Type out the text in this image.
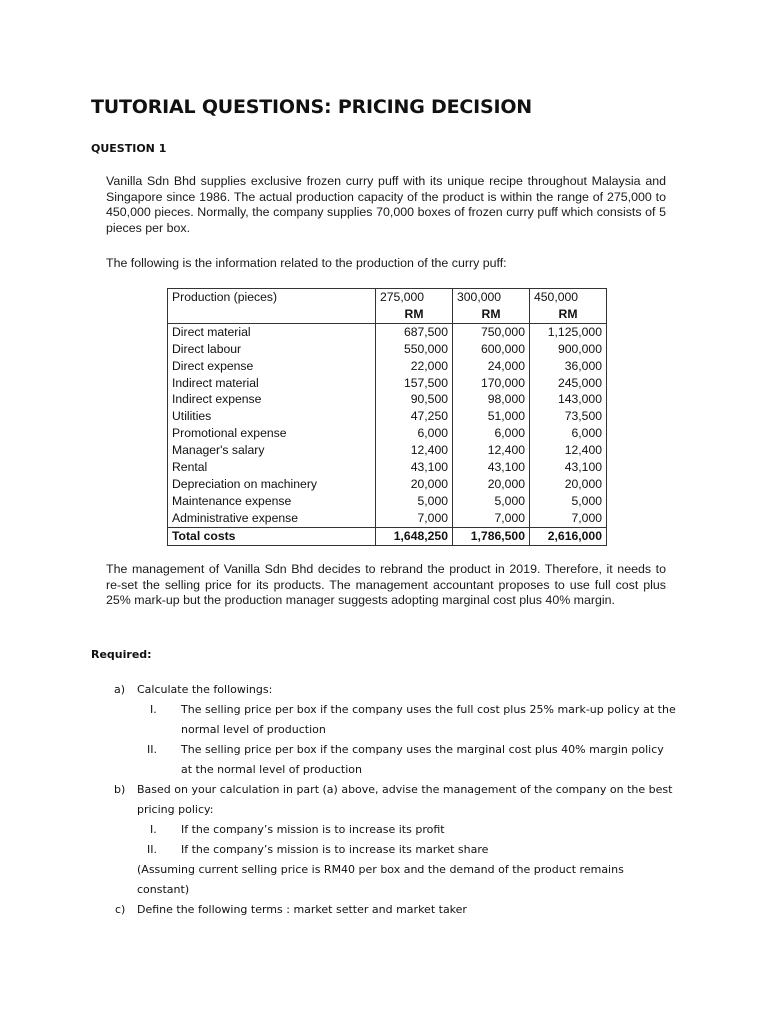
TUTORIAL QUESTIONS: PRICING DECISION
QUESTION 1
Vanilla Sdn Bhd supplies exclusive frozen curry puff with its unique recipe throughout Malaysia and Singapore since 1986. The actual production capacity of the product is within the range of 275,000 to 450,000 pieces. Normally, the company supplies 70,000 boxes of frozen curry puff which consists of 5 pieces per box.
The following is the information related to the production of the curry puff:
Production (pieces)	275,000	300,000	450,000
	RM	RM	RM
Direct material	687,500	750,000	1,125,000
Direct labour	550,000	600,000	900,000
Direct expense	22,000	24,000	36,000
Indirect material	157,500	170,000	245,000
Indirect expense	90,500	98,000	143,000
Utilities	47,250	51,000	73,500
Promotional expense	6,000	6,000	6,000
Manager's salary	12,400	12,400	12,400
Rental	43,100	43,100	43,100
Depreciation on machinery	20,000	20,000	20,000
Maintenance expense	5,000	5,000	5,000
Administrative expense	7,000	7,000	7,000
Total costs	1,648,250	1,786,500	2,616,000
The management of Vanilla Sdn Bhd decides to rebrand the product in 2019. Therefore, it needs to re-set the selling price for its products. The management accountant proposes to use full cost plus 25% mark-up but the production manager suggests adopting marginal cost plus 40% margin.
Required:
a) Calculate the followings:
I. The selling price per box if the company uses the full cost plus 25% mark-up policy at the
normal level of production
II. The selling price per box if the company uses the marginal cost plus 40% margin policy
at the normal level of production
b) Based on your calculation in part (a) above, advise the management of the company on the best
pricing policy:
I. If the company’s mission is to increase its profit
II. If the company’s mission is to increase its market share
(Assuming current selling price is RM40 per box and the demand of the product remains
constant)
c) Define the following terms : market setter and market taker
